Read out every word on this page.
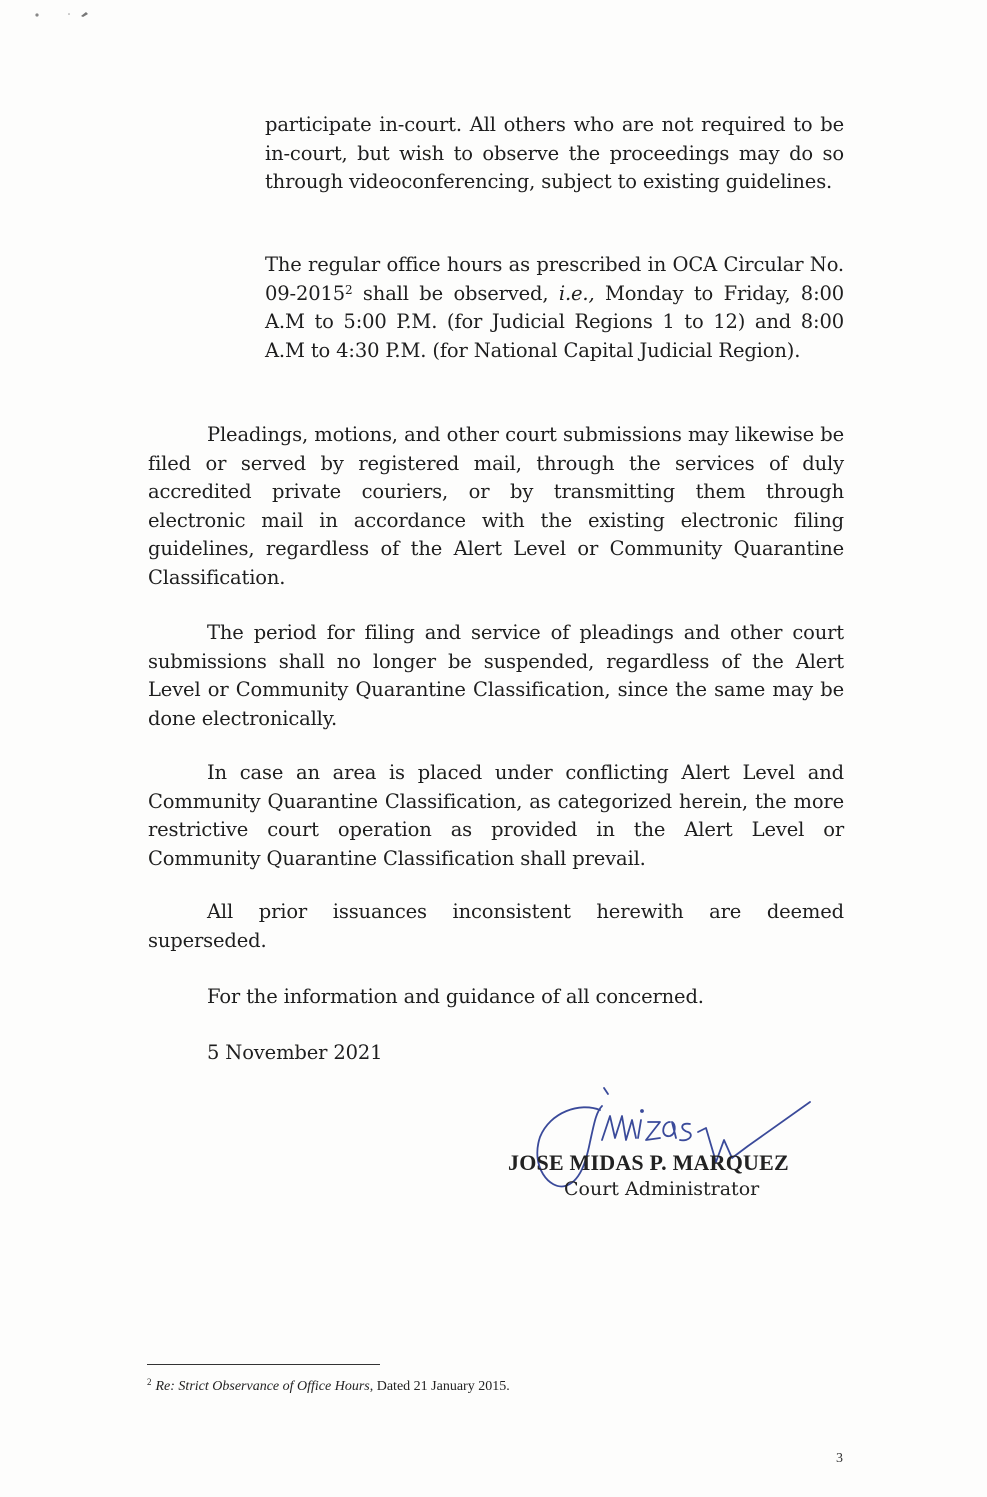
participate in-court. All others who are not required to be in-court, but wish to observe the proceedings may do so through videoconferencing, subject to existing guidelines.

The regular office hours as prescribed in OCA Circular No. 09-2015$^2$ shall be observed, i.e., Monday to Friday, 8:00 A.M to 5:00 P.M. (for Judicial Regions 1 to 12) and 8:00 A.M to 4:30 P.M. (for National Capital Judicial Region).

Pleadings, motions, and other court submissions may likewise be filed or served by registered mail, through the services of duly accredited private couriers, or by transmitting them through electronic mail in accordance with the existing electronic filing guidelines, regardless of the Alert Level or Community Quarantine Classification.

The period for filing and service of pleadings and other court submissions shall no longer be suspended, regardless of the Alert Level or Community Quarantine Classification, since the same may be done electronically.

In case an area is placed under conflicting Alert Level and Community Quarantine Classification, as categorized herein, the more restrictive court operation as provided in the Alert Level or Community Quarantine Classification shall prevail.

All prior issuances inconsistent herewith are deemed superseded.

For the information and guidance of all concerned.

5 November 2021

JOSE MIDAS P. MARQUEZ
Court Administrator
$^2$ Re: Strict Observance of Office Hours, Dated 21 January 2015.
3
